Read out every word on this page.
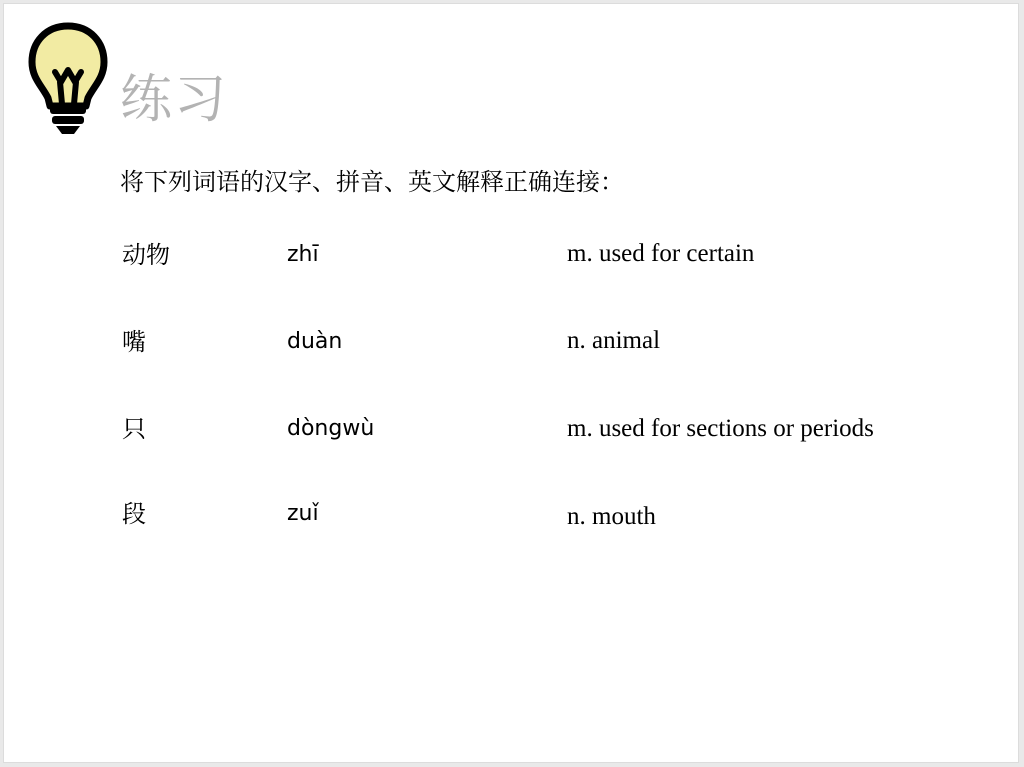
练习
将下列词语的汉字、拼音、英文解释正确连接：
动物
嘴
只
段
zhī
duàn
dòngwù
zuǐ
m. used for certain
n. animal
m. used for sections or periods
n. mouth
